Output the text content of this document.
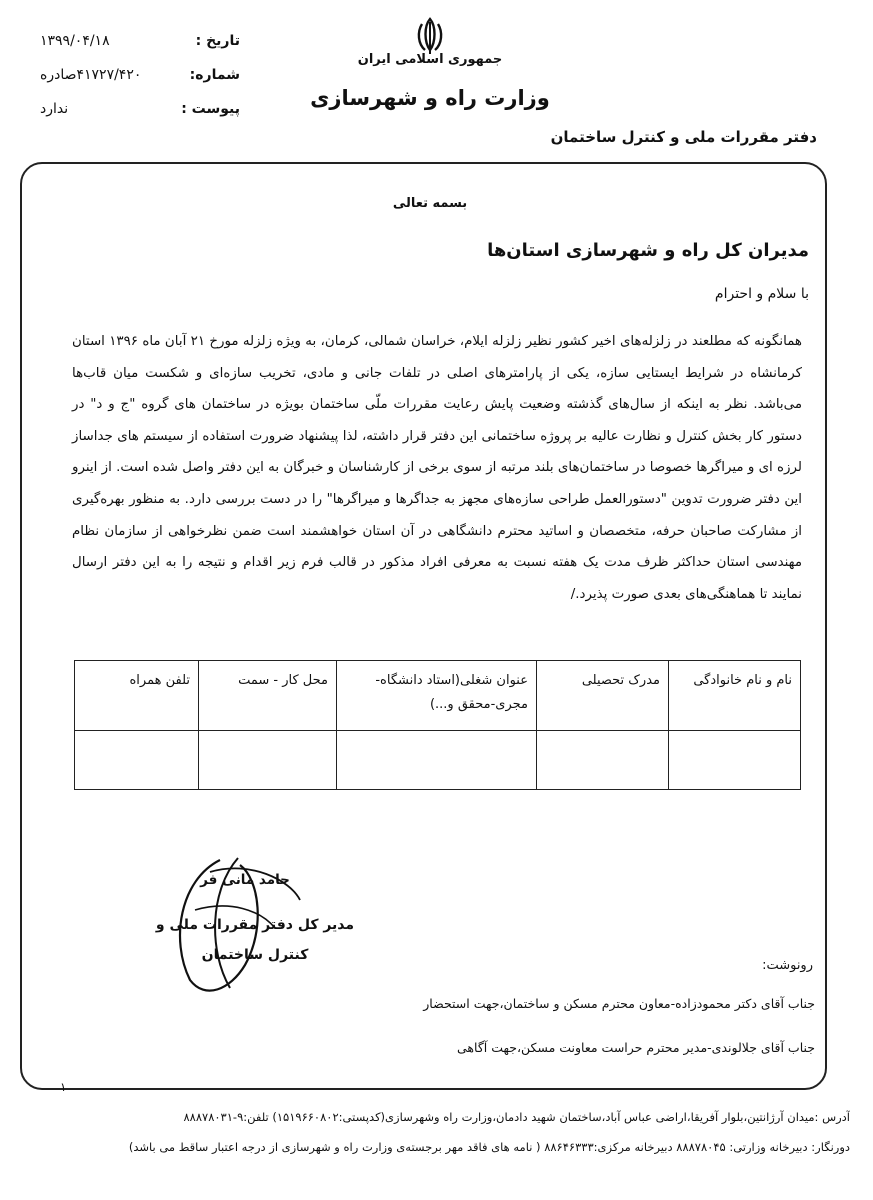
تاریخ :
۱۳۹۹/۰۴/۱۸
شماره:
۴۱۷۲۷/۴۲۰صادره
پیوست :
ندارد
جمهوری اسلامی ایران
وزارت راه و شهرسازی
دفتر مقررات ملی و کنترل ساختمان
بسمه تعالی
مدیران کل راه و شهرسازی استان‌ها
با سلام و احترام
همانگونه که مطلعند در زلزله‌های اخیر کشور نظیر زلزله ایلام، خراسان شمالی، کرمان، به ویژه زلزله مورخ ۲۱ آبان ماه ۱۳۹۶ استان کرمانشاه در شرایط ایستایی سازه، یکی از پارامترهای اصلی در تلفات جانی و مادی، تخریب سازه‌ای و شکست میان قاب‌ها می‌باشد. نظر به اینکه از سال‌های گذشته وضعیت پایش رعایت مقررات ملّی ساختمان بویژه در ساختمان های گروه "ج و د" در دستور کار بخش کنترل و نظارت عالیه بر پروژه ساختمانی این دفتر قرار داشته، لذا پیشنهاد ضرورت استفاده از سیستم های جداساز لرزه ای و میراگرها خصوصا در ساختمان‌های بلند مرتبه از سوی برخی از کارشناسان و خبرگان به این دفتر واصل شده است. از اینرو این دفتر ضرورت تدوین "دستورالعمل طراحی سازه‌های مجهز به جداگرها و میراگرها" را در دست بررسی دارد. به منظور بهره‌گیری از مشارکت صاحبان حرفه، متخصصان و اساتید محترم دانشگاهی در آن استان خواهشمند است ضمن نظرخواهی از سازمان نظام مهندسی استان حداکثر ظرف مدت یک هفته نسبت به معرفی افراد مذکور در قالب فرم زیر اقدام و نتیجه را به این دفتر ارسال نمایند تا هماهنگی‌های بعدی صورت پذیرد./
نام و نام خانوادگی	مدرک تحصیلی	عنوان شغلی(استاد دانشگاه-مجری-محقق و...)	محل کار - سمت	تلفن همراه

حامد مانی فر
مدیر کل دفتر مقررات ملی و کنترل ساختمان
رونوشت:
جناب آقای دکتر محمودزاده-معاون محترم مسکن و ساختمان،جهت استحضار
جناب آقای جلالوندی-مدیر محترم حراست معاونت مسکن،جهت آگاهی
۱
آدرس :میدان آرژانتین،بلوار آفریقا،اراضی عباس آباد،ساختمان شهید دادمان،وزارت راه وشهرسازی(کدپستی:۱۵۱۹۶۶۰۸۰۲) تلفن:۹-۸۸۸۷۸۰۳۱
دورنگار: دبیرخانه وزارتی: ۸۸۸۷۸۰۴۵ دبیرخانه مرکزی:۸۸۶۴۶۳۳۳ ( نامه های فاقد مهر برجسته‌ی وزارت راه و شهرسازی از درجه اعتبار ساقط می باشد)
